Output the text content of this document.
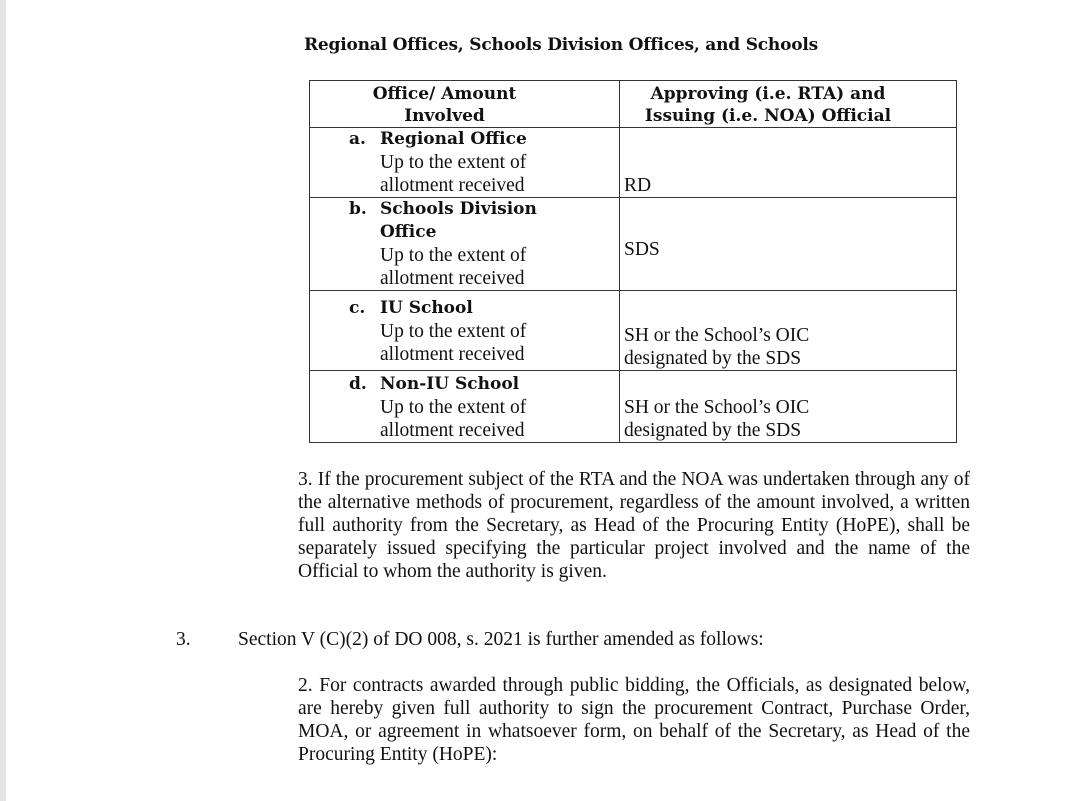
Regional Offices, Schools Division Offices, and Schools
Office/ Amount Involved	Approving (i.e. RTA) and Issuing (i.e. NOA) Official

a. Regional Office
Up to the extent of allotment received	RD

b. Schools Division Office
Up to the extent of allotment received	SDS

c. IU School
Up to the extent of allotment received	SH or the School’s OIC designated by the SDS

d. Non-IU School
Up to the extent of allotment received	SH or the School’s OIC designated by the SDS
3. If the procurement subject of the RTA and the NOA was undertaken through any of the alternative methods of procurement, regardless of the amount involved, a written full authority from the Secretary, as Head of the Procuring Entity (HoPE), shall be separately issued specifying the particular project involved and the name of the Official to whom the authority is given.
3. Section V (C)(2) of DO 008, s. 2021 is further amended as follows:
2. For contracts awarded through public bidding, the Officials, as designated below, are hereby given full authority to sign the procurement Contract, Purchase Order, MOA, or agreement in whatsoever form, on behalf of the Secretary, as Head of the Procuring Entity (HoPE):
